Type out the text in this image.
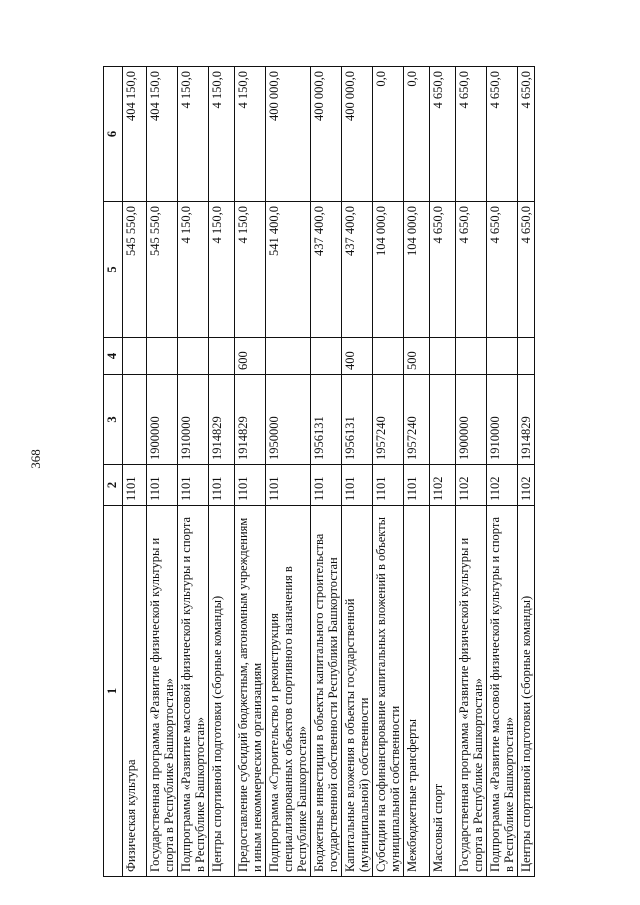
368
1	2	3	4	5	6
Физическая культура	1101			545 550,0	404 150,0
Государственная программа «Развитие физической культуры и спорта в Республике Башкортостан»	1101	1900000		545 550,0	404 150,0
Подпрограмма «Развитие массовой физической культуры и спорта в Республике Башкортостан»	1101	1910000		4 150,0	4 150,0
Центры спортивной подготовки (сборные команды)	1101	1914829		4 150,0	4 150,0
Предоставление субсидий бюджетным, автономным учреждениям и иным некоммерческим организациям	1101	1914829	600	4 150,0	4 150,0
Подпрограмма «Строительство и реконструкция специализированных объектов спортивного назначения в Республике Башкортостан»	1101	1950000		541 400,0	400 000,0
Бюджетные инвестиции в объекты капитального строительства государственной собственности Республики Башкортостан	1101	1956131		437 400,0	400 000,0
Капитальные вложения в объекты государственной (муниципальной) собственности	1101	1956131	400	437 400,0	400 000,0
Субсидии на софинансирование капитальных вложений в объекты муниципальной собственности	1101	1957240		104 000,0	0,0
Межбюджетные трансферты	1101	1957240	500	104 000,0	0,0
Массовый спорт	1102			4 650,0	4 650,0
Государственная программа «Развитие физической культуры и спорта в Республике Башкортостан»	1102	1900000		4 650,0	4 650,0
Подпрограмма «Развитие массовой физической культуры и спорта в Республике Башкортостан»	1102	1910000		4 650,0	4 650,0
Центры спортивной подготовки (сборные команды)	1102	1914829		4 650,0	4 650,0
